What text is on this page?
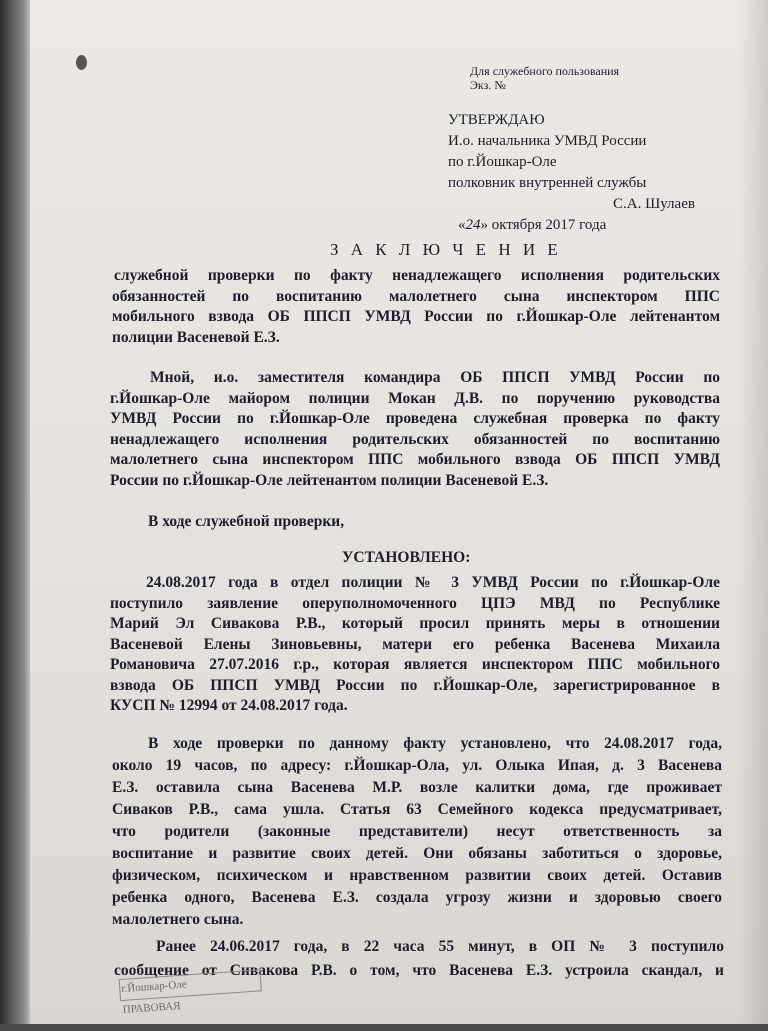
Для служебного пользования
Экз. №
УТВЕРЖДАЮ
И.о. начальника УМВД России
по г.Йошкар-Оле
полковник внутренней службы
С.А. Шулаев
«24» октября 2017 года
З А К Л Ю Ч Е Н И Е
служебной проверки по факту ненадлежащего исполнения родительских
обязанностей по воспитанию малолетнего сына инспектором ППС
мобильного взвода ОБ ППСП УМВД России по г.Йошкар-Оле лейтенантом
полиции Васеневой Е.З.
Мной, и.о. заместителя командира ОБ ППСП УМВД России по
г.Йошкар-Оле майором полиции Мокан Д.В. по поручению руководства
УМВД России по г.Йошкар-Оле проведена служебная проверка по факту
ненадлежащего исполнения родительских обязанностей по воспитанию
малолетнего сына инспектором ППС мобильного взвода ОБ ППСП УМВД
России по г.Йошкар-Оле лейтенантом полиции Васеневой Е.З.
В ходе служебной проверки,
УСТАНОВЛЕНО:
24.08.2017 года в отдел полиции № 3 УМВД России по г.Йошкар-Оле
поступило заявление оперуполномоченного ЦПЭ МВД по Республике
Марий Эл Сивакова Р.В., который просил принять меры в отношении
Васеневой Елены Зиновьевны, матери его ребенка Васенева Михаила
Романовича 27.07.2016 г.р., которая является инспектором ППС мобильного
взвода ОБ ППСП УМВД России по г.Йошкар-Оле, зарегистрированное в
КУСП № 12994 от 24.08.2017 года.
В ходе проверки по данному факту установлено, что 24.08.2017 года,
около 19 часов, по адресу: г.Йошкар-Ола, ул. Олыка Ипая, д. 3 Васенева
Е.З. оставила сына Васенева М.Р. возле калитки дома, где проживает
Сиваков Р.В., сама ушла. Статья 63 Семейного кодекса предусматривает,
что родители (законные представители) несут ответственность за
воспитание и развитие своих детей. Они обязаны заботиться о здоровье,
физическом, психическом и нравственном развитии своих детей. Оставив
ребенка одного, Васенева Е.З. создала угрозу жизни и здоровью своего
малолетнего сына.
Ранее 24.06.2017 года, в 22 часа 55 минут, в ОП № 3 поступило
сообщение от Сивакова Р.В. о том, что Васенева Е.З. устроила скандал, и
г.Йошкар-Оле
ПРАВОВАЯ
